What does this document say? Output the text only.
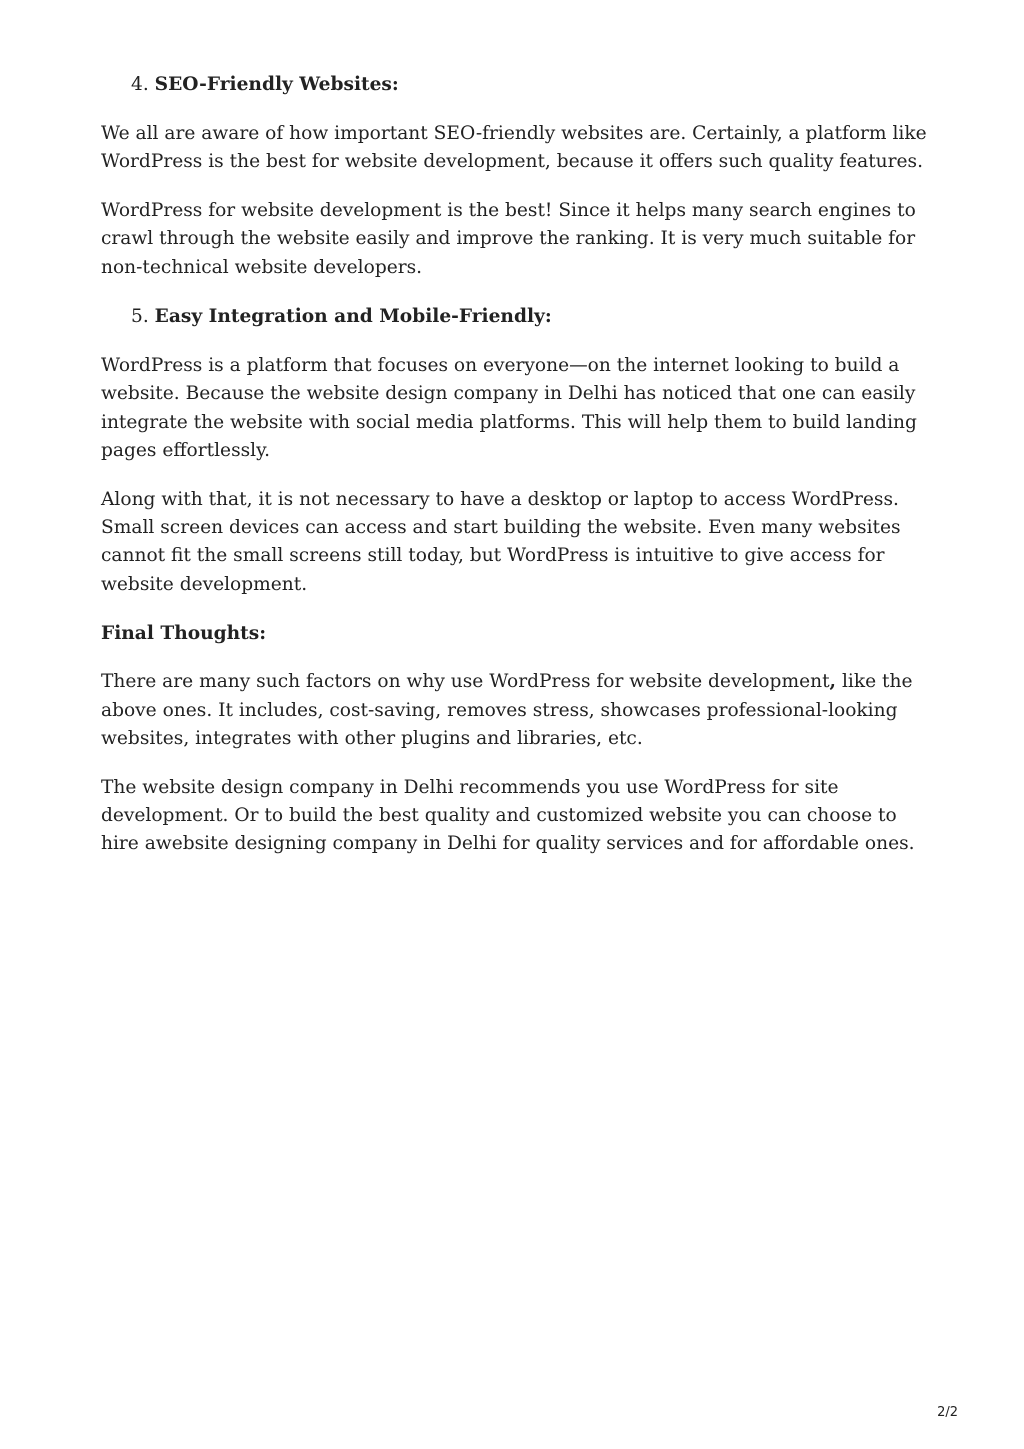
4. SEO-Friendly Websites:

We all are aware of how important SEO-friendly websites are. Certainly, a platform like WordPress is the best for website development, because it offers such quality features.

WordPress for website development is the best! Since it helps many search engines to crawl through the website easily and improve the ranking. It is very much suitable for non-technical website developers.

5. Easy Integration and Mobile-Friendly:

WordPress is a platform that focuses on everyone—on the internet looking to build a website. Because the website design company in Delhi has noticed that one can easily integrate the website with social media platforms. This will help them to build landing pages effortlessly.

Along with that, it is not necessary to have a desktop or laptop to access WordPress. Small screen devices can access and start building the website. Even many websites cannot fit the small screens still today, but WordPress is intuitive to give access for website development.

Final Thoughts:

There are many such factors on why use WordPress for website development, like the above ones. It includes, cost-saving, removes stress, showcases professional-looking websites, integrates with other plugins and libraries, etc.

The website design company in Delhi recommends you use WordPress for site development. Or to build the best quality and customized website you can choose to hire awebsite designing company in Delhi for quality services and for affordable ones.

2/2
